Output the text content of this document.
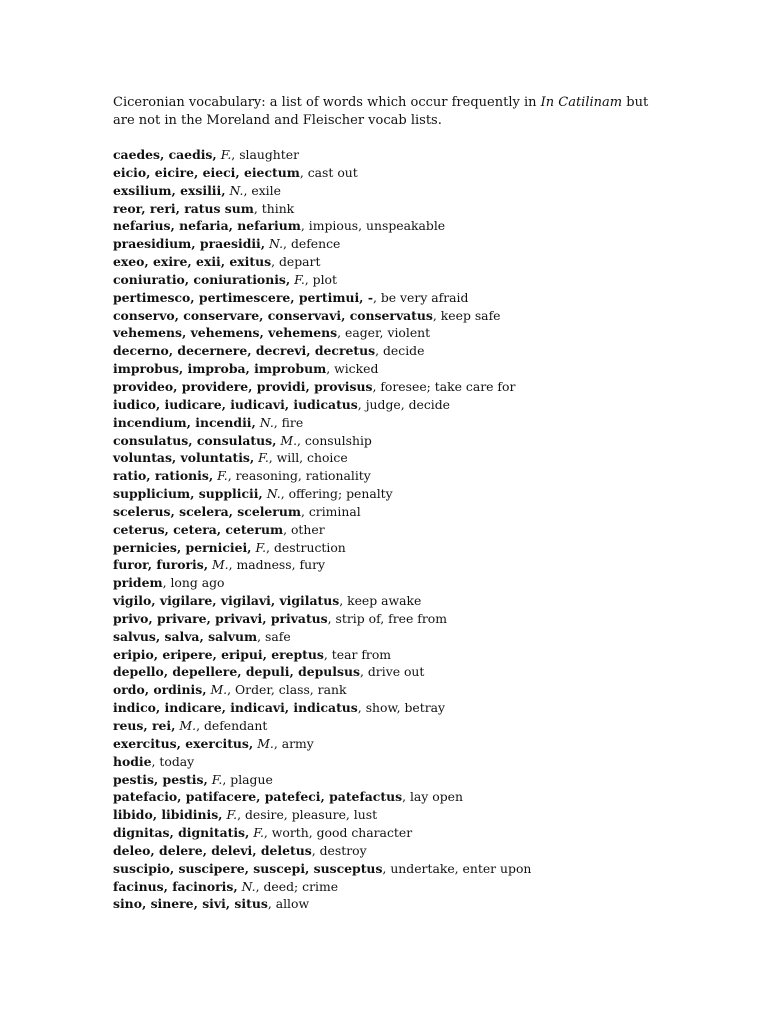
Ciceronian vocabulary: a list of words which occur frequently in In Catilinam but are not in the Moreland and Fleischer vocab lists.

caedes, caedis, F., slaughter
eicio, eicire, eieci, eiectum, cast out
exsilium, exsilii, N., exile
reor, reri, ratus sum, think
nefarius, nefaria, nefarium, impious, unspeakable
praesidium, praesidii, N., defence
exeo, exire, exii, exitus, depart
coniuratio, coniurationis, F., plot
pertimesco, pertimescere, pertimui, -, be very afraid
conservo, conservare, conservavi, conservatus, keep safe
vehemens, vehemens, vehemens, eager, violent
decerno, decernere, decrevi, decretus, decide
improbus, improba, improbum, wicked
provideo, providere, providi, provisus, foresee; take care for
iudico, iudicare, iudicavi, iudicatus, judge, decide
incendium, incendii, N., fire
consulatus, consulatus, M., consulship
voluntas, voluntatis, F., will, choice
ratio, rationis, F., reasoning, rationality
supplicium, supplicii, N., offering; penalty
scelerus, scelera, scelerum, criminal
ceterus, cetera, ceterum, other
pernicies, perniciei, F., destruction
furor, furoris, M., madness, fury
pridem, long ago
vigilo, vigilare, vigilavi, vigilatus, keep awake
privo, privare, privavi, privatus, strip of, free from
salvus, salva, salvum, safe
eripio, eripere, eripui, ereptus, tear from
depello, depellere, depuli, depulsus, drive out
ordo, ordinis, M., Order, class, rank
indico, indicare, indicavi, indicatus, show, betray
reus, rei, M., defendant
exercitus, exercitus, M., army
hodie, today
pestis, pestis, F., plague
patefacio, patifacere, patefeci, patefactus, lay open
libido, libidinis, F., desire, pleasure, lust
dignitas, dignitatis, F., worth, good character
deleo, delere, delevi, deletus, destroy
suscipio, suscipere, suscepi, susceptus, undertake, enter upon
facinus, facinoris, N., deed; crime
sino, sinere, sivi, situs, allow
